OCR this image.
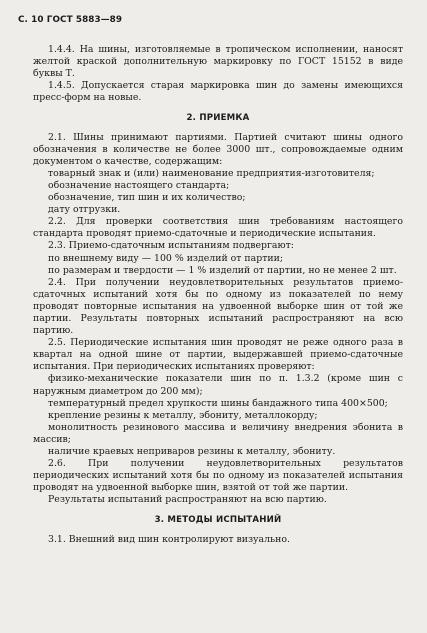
С. 10 ГОСТ 5883—89

1.4.4. На шины, изготовляемые в тропическом исполнении, наносят желтой краской дополнительную маркировку по ГОСТ 15152 в виде буквы Т.

1.4.5. Допускается старая маркировка шин до замены имеющихся пресс-форм на новые.

2. ПРИЕМКА

2.1. Шины принимают партиями. Партией считают шины одного обозначения в количестве не более 3000 шт., сопровождаемые одним документом о качестве, содержащим:

товарный знак и (или) наименование предприятия-изготовителя;

обозначение настоящего стандарта;

обозначение, тип шин и их количество;

дату отгрузки.

2.2. Для проверки соответствия шин требованиям настоящего стандарта проводят приемо-сдаточные и периодические испытания.

2.3. Приемо-сдаточным испытаниям подвергают:

по внешнему виду — 100 % изделий от партии;

по размерам и твердости — 1 % изделий от партии, но не менее 2 шт.

2.4. При получении неудовлетворительных результатов приемо-сдаточных испытаний хотя бы по одному из показателей по нему проводят повторные испытания на удвоенной выборке шин от той же партии. Результаты повторных испытаний распространяют на всю партию.

2.5. Периодические испытания шин проводят не реже одного раза в квартал на одной шине от партии, выдержавшей приемо-сдаточные испытания. При периодических испытаниях проверяют:

физико-механические показатели шин по п. 1.3.2 (кроме шин с наружным диаметром до 200 мм);

температурный предел хрупкости шины бандажного типа 400×500;

крепление резины к металлу, эбониту, металлокорду;

монолитность резинового массива и величину внедрения эбонита в массив;

наличие краевых неприваров резины к металлу, эбониту.

2.6. При получении неудовлетворительных результатов периодических испытаний хотя бы по одному из показателей испытания проводят на удвоенной выборке шин, взятой от той же партии.

Результаты испытаний распространяют на всю партию.

3. МЕТОДЫ ИСПЫТАНИЙ

3.1. Внешний вид шин контролируют визуально.
